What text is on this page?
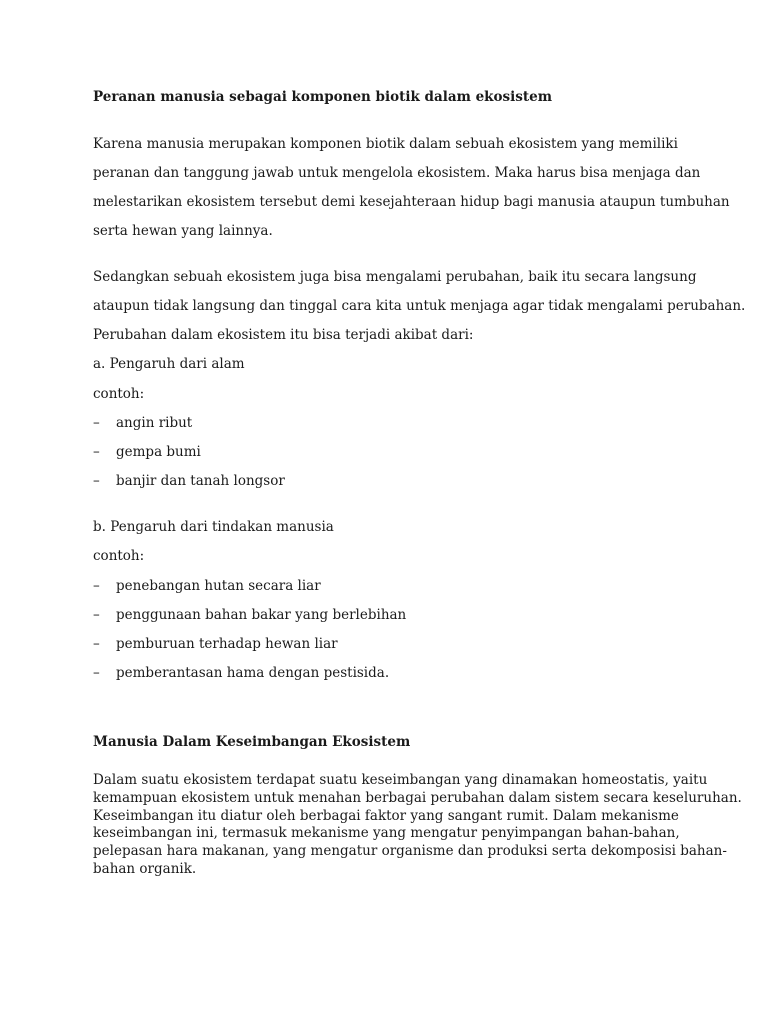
Peranan manusia sebagai komponen biotik dalam ekosistem

Karena manusia merupakan komponen biotik dalam sebuah ekosistem yang memiliki

peranan dan tanggung jawab untuk mengelola ekosistem. Maka harus bisa menjaga dan

melestarikan ekosistem tersebut demi kesejahteraan hidup bagi manusia ataupun tumbuhan

serta hewan yang lainnya.

Sedangkan sebuah ekosistem juga bisa mengalami perubahan, baik itu secara langsung

ataupun tidak langsung dan tinggal cara kita untuk menjaga agar tidak mengalami perubahan.

Perubahan dalam ekosistem itu bisa terjadi akibat dari:

a. Pengaruh dari alam

contoh:

– angin ribut

– gempa bumi

– banjir dan tanah longsor

b. Pengaruh dari tindakan manusia

contoh:

– penebangan hutan secara liar

– penggunaan bahan bakar yang berlebihan

– pemburuan terhadap hewan liar

– pemberantasan hama dengan pestisida.

Manusia Dalam Keseimbangan Ekosistem

Dalam suatu ekosistem terdapat suatu keseimbangan yang dinamakan homeostatis, yaitu
kemampuan ekosistem untuk menahan berbagai perubahan dalam sistem secara keseluruhan.
Keseimbangan itu diatur oleh berbagai faktor yang sangant rumit. Dalam mekanisme
keseimbangan ini, termasuk mekanisme yang mengatur penyimpangan bahan-bahan,
pelepasan hara makanan, yang mengatur organisme dan produksi serta dekomposisi bahan-
bahan organik.
